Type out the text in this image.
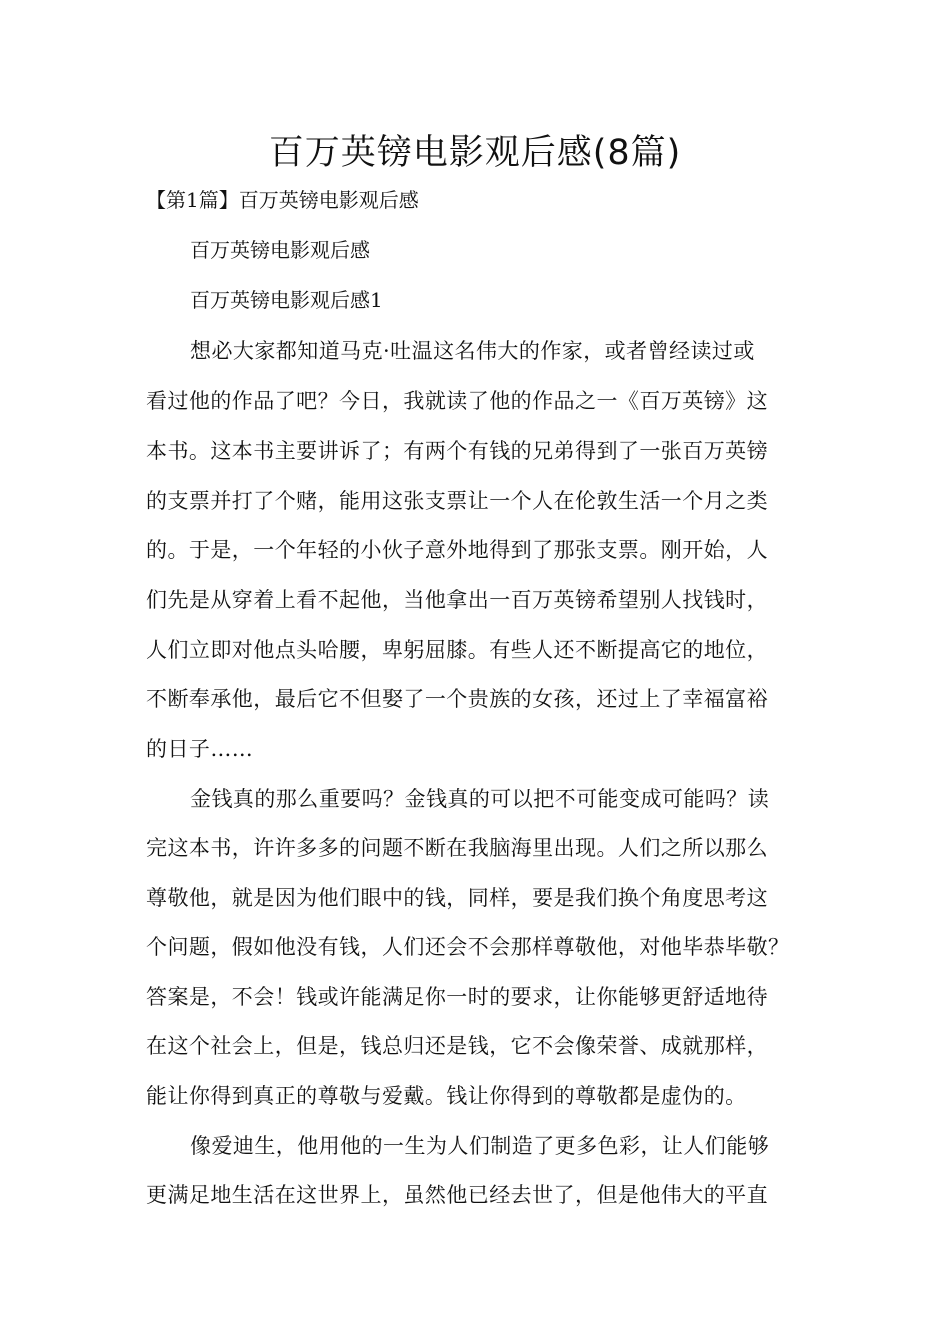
百万英镑电影观后感(8篇)
【第1篇】百万英镑电影观后感
百万英镑电影观后感
百万英镑电影观后感1
想必大家都知道马克·吐温这名伟大的作家，或者曾经读过或
看过他的作品了吧？今日，我就读了他的作品之一《百万英镑》这
本书。这本书主要讲诉了；有两个有钱的兄弟得到了一张百万英镑
的支票并打了个赌，能用这张支票让一个人在伦敦生活一个月之类
的。于是，一个年轻的小伙子意外地得到了那张支票。刚开始，人
们先是从穿着上看不起他，当他拿出一百万英镑希望别人找钱时，
人们立即对他点头哈腰，卑躬屈膝。有些人还不断提高它的地位，
不断奉承他，最后它不但娶了一个贵族的女孩，还过上了幸福富裕
的日子……
金钱真的那么重要吗？金钱真的可以把不可能变成可能吗？读
完这本书，许许多多的问题不断在我脑海里出现。人们之所以那么
尊敬他，就是因为他们眼中的钱，同样，要是我们换个角度思考这
个问题，假如他没有钱，人们还会不会那样尊敬他，对他毕恭毕敬？
答案是，不会！钱或许能满足你一时的要求，让你能够更舒适地待
在这个社会上，但是，钱总归还是钱，它不会像荣誉、成就那样，
能让你得到真正的尊敬与爱戴。钱让你得到的尊敬都是虚伪的。
像爱迪生，他用他的一生为人们制造了更多色彩，让人们能够
更满足地生活在这世界上，虽然他已经去世了，但是他伟大的平直
